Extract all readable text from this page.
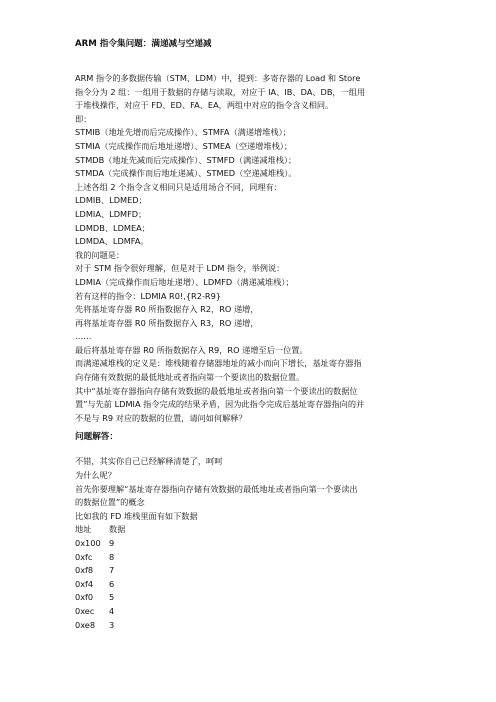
ARM 指令集问题：满递减与空递减
ARM 指令的多数据传输（STM、LDM）中，提到：多寄存器的 Load 和 Store
指令分为 2 组：一组用于数据的存储与读取，对应于 IA、IB、DA、DB，一组用
于堆栈操作，对应于 FD、ED、FA、EA，两组中对应的指令含义相同。
即：
STMIB（地址先增而后完成操作）、STMFA（满递增堆栈）；
STMIA（完成操作而后地址递增）、STMEA（空递增堆栈）；
STMDB（地址先减而后完成操作）、STMFD（满递减堆栈）；
STMDA（完成操作而后地址递减）、STMED（空递减堆栈）。
上述各组 2 个指令含义相同只是适用场合不同，同理有：
LDMIB、LDMED；
LDMIA、LDMFD；
LDMDB、LDMEA；
LDMDA、LDMFA。
我的问题是：
对于 STM 指令很好理解，但是对于 LDM 指令，举例说：
LDMIA（完成操作而后地址递增）、LDMFD（满递减堆栈）；
若有这样的指令：LDMIA R0!,{R2-R9}
先将基址寄存器 R0 所指数据存入 R2，RO 递增，
再将基址寄存器 R0 所指数据存入 R3，RO 递增，
……
最后将基址寄存器 R0 所指数据存入 R9，RO 递增至后一位置。
而满递减堆栈的定义是：堆栈随着存储器地址的减小而向下增长，基址寄存器指
向存储有效数据的最低地址或者指向第一个要读出的数据位置。
其中“基址寄存器指向存储有效数据的最低地址或者指向第一个要读出的数据位
置”与先前 LDMIA 指令完成的结果矛盾，因为此指令完成后基址寄存器指向的并
不是与 R9 对应的数据的位置，请问如何解释？
问题解答：
不错，其实你自己已经解释清楚了，呵呵
为什么呢？
首先你要理解“基址寄存器指向存储有效数据的最低地址或者指向第一个要读出
的数据位置”的概念
比如我的 FD 堆栈里面有如下数据
地址	数据
0x100	9
0xfc	8
0xf8	7
0xf4	6
0xf0	5
0xec	4
0xe8	3
